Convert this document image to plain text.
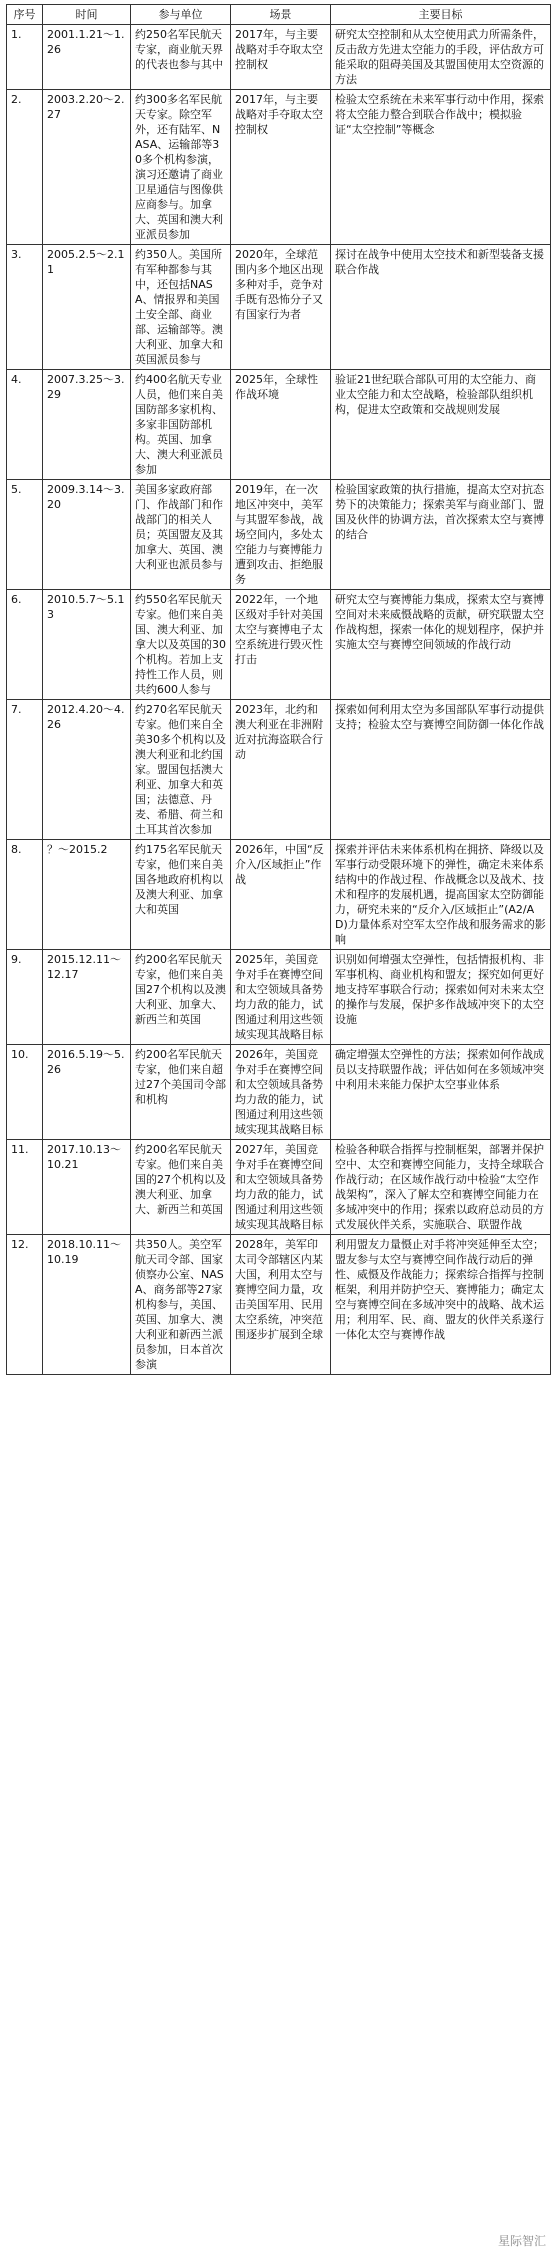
序号	时间	参与单位	场景	主要目标
1.	2001.1.21～1.26	约250名军民航天专家，商业航天界的代表也参与其中	2017年，与主要战略对手夺取太空控制权	研究太空控制和从太空使用武力所需条件，反击敌方先进太空能力的手段，评估敌方可能采取的阻碍美国及其盟国使用太空资源的方法
2.	2003.2.20～2.27	约300多名军民航天专家。除空军外，还有陆军、NASA、运输部等30多个机构参演，演习还邀请了商业卫星通信与图像供应商参与。加拿大、英国和澳大利亚派员参加	2017年，与主要战略对手夺取太空控制权	检验太空系统在未来军事行动中作用，探索将太空能力整合到联合作战中；模拟验证“太空控制”等概念
3.	2005.2.5～2.11	约350人。美国所有军种都参与其中，还包括NASA、情报界和美国土安全部、商业部、运输部等。澳大利亚、加拿大和英国派员参与	2020年，全球范围内多个地区出现多种对手，竞争对手既有恐怖分子又有国家行为者	探讨在战争中使用太空技术和新型装备支援联合作战
4.	2007.3.25～3.29	约400名航天专业人员，他们来自美国防部多家机构、多家非国防部机构。英国、加拿大、澳大利亚派员参加	2025年，全球性作战环境	验证21世纪联合部队可用的太空能力、商业太空能力和太空战略，检验部队组织机构，促进太空政策和交战规则发展
5.	2009.3.14～3.20	美国多家政府部门、作战部门和作战部门的相关人员；英国盟友及其加拿大、英国、澳大利亚也派员参与	2019年，在一次地区冲突中，美军与其盟军参战，战场空间内，多处太空能力与赛博能力遭到攻击、拒绝服务	检验国家政策的执行措施，提高太空对抗态势下的决策能力；探索美军与商业部门、盟国及伙伴的协调方法，首次探索太空与赛博的结合
6.	2010.5.7～5.13	约550名军民航天专家。他们来自美国、澳大利亚、加拿大以及英国的30个机构。若加上支持性工作人员，则共约600人参与	2022年，一个地区级对手针对美国太空与赛博电子太空系统进行毁灭性打击	研究太空与赛博能力集成，探索太空与赛博空间对未来威慑战略的贡献，研究联盟太空作战构想，探索一体化的规划程序，保护并实施太空与赛博空间领域的作战行动
7.	2012.4.20～4.26	约270名军民航天专家。他们来自全美30多个机构以及澳大利亚和北约国家。盟国包括澳大利亚、加拿大和英国；法德意、丹麦、希腊、荷兰和土耳其首次参加	2023年，北约和澳大利亚在非洲附近对抗海盗联合行动	探索如何利用太空为多国部队军事行动提供支持；检验太空与赛博空间防御一体化作战
8.	？～2015.2	约175名军民航天专家，他们来自美国各地政府机构以及澳大利亚、加拿大和英国	2026年，中国“反介入/区域拒止”作战	探索并评估未来体系机构在拥挤、降级以及军事行动受限环境下的弹性，确定未来体系结构中的作战过程、作战概念以及战术、技术和程序的发展机遇，提高国家太空防御能力，研究未来的“反介入/区域拒止”(A2/AD)力量体系对空军太空作战和服务需求的影响
9.	2015.12.11～12.17	约200名军民航天专家，他们来自美国27个机构以及澳大利亚、加拿大、新西兰和英国	2025年，美国竞争对手在赛博空间和太空领域具备势均力敌的能力，试图通过利用这些领域实现其战略目标	识别如何增强太空弹性，包括情报机构、非军事机构、商业机构和盟友；探究如何更好地支持军事联合行动；探索如何对未来太空的操作与发展，保护多作战域冲突下的太空设施
10.	2016.5.19～5.26	约200名军民航天专家，他们来自超过27个美国司令部和机构	2026年，美国竞争对手在赛博空间和太空领域具备势均力敌的能力，试图通过利用这些领域实现其战略目标	确定增强太空弹性的方法；探索如何作战成员以支持联盟作战；评估如何在多领域冲突中利用未来能力保护太空事业体系
11.	2017.10.13～10.21	约200名军民航天专家。他们来自美国的27个机构以及澳大利亚、加拿大、新西兰和英国	2027年，美国竞争对手在赛博空间和太空领域具备势均力敌的能力，试图通过利用这些领域实现其战略目标	检验各种联合指挥与控制框架，部署并保护空中、太空和赛博空间能力，支持全球联合作战行动；在区域作战行动中检验“太空作战架构”，深入了解太空和赛博空间能力在多域冲突中的作用；探索以政府总动员的方式发展伙伴关系，实施联合、联盟作战
12.	2018.10.11～10.19	共350人。美空军航天司令部、国家侦察办公室、NASA、商务部等27家机构参与，美国、英国、加拿大、澳大利亚和新西兰派员参加，日本首次参演	2028年，美军印太司令部辖区内某大国，利用太空与赛博空间力量，攻击美国军用、民用太空系统，冲突范围逐步扩展到全球	利用盟友力量慑止对手将冲突延伸至太空；盟友参与太空与赛博空间作战行动后的弹性、威慑及作战能力；探索综合指挥与控制框架，利用并防护空天、赛博能力；确定太空与赛博空间在多域冲突中的战略、战术运用；利用军、民、商、盟友的伙伴关系遂行一体化太空与赛博作战
星际智汇
